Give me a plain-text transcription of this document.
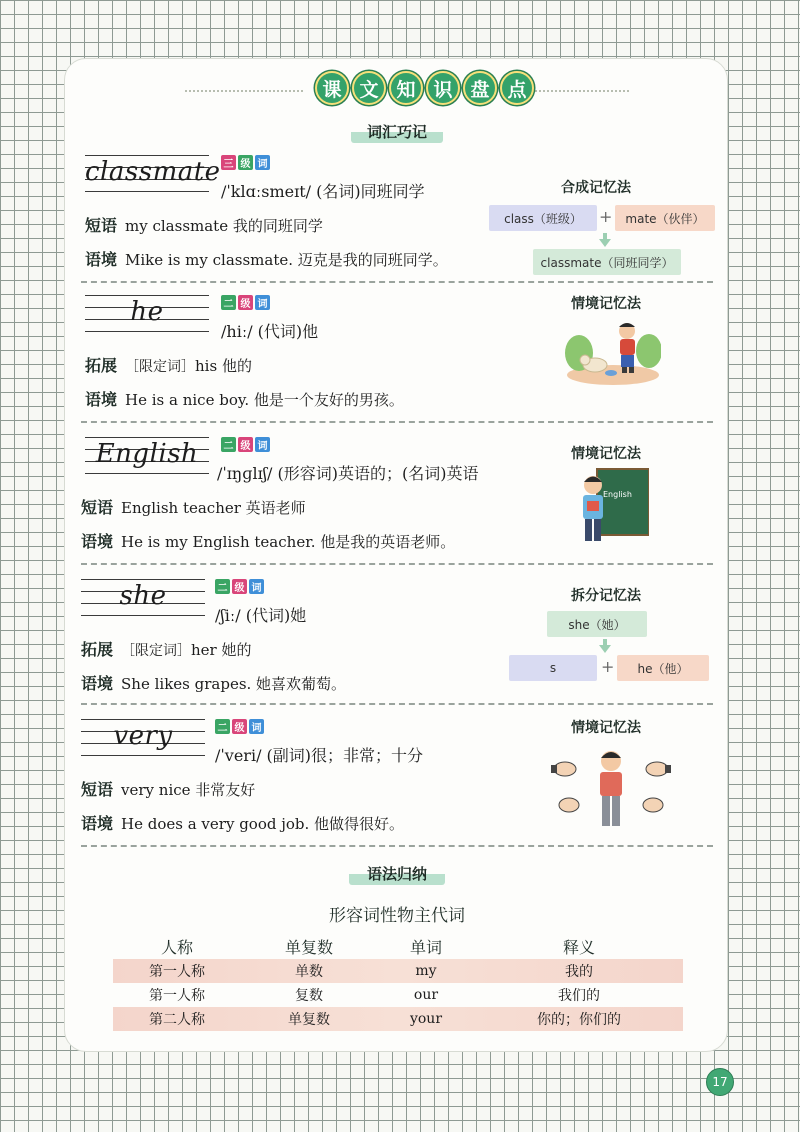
课 文 知 识 盘 点
词汇巧记
classmate 三 级 词
/ˈklɑːsmeɪt/ (名词)同班同学
短语 my classmate 我的同班同学
语境 Mike is my classmate. 迈克是我的同班同学。
合成记忆法
class（班级）	+	mate（伙伴）
classmate（同班同学）
he	二 级 词
/hiː/ (代词)他
拓展 ［限定词］his 他的
语境 He is a nice boy. 他是一个友好的男孩。
情境记忆法
English	二 级 词
/ˈɪŋɡlɪʃ/ (形容词)英语的；(名词)英语
短语 English teacher 英语老师
语境 He is my English teacher. 他是我的英语老师。
情境记忆法
English
she	二 级 词
/ʃiː/ (代词)她
拓展 ［限定词］her 她的
语境 She likes grapes. 她喜欢葡萄。
拆分记忆法
she（她）
s	+	he（他）
very	二 级 词
/ˈveri/ (副词)很；非常；十分
短语 very nice 非常友好
语境 He does a very good job. 他做得很好。
情境记忆法
语法归纳
形容词性物主代词
人称	单复数	单词	释义
第一人称	单数	my	我的
第一人称	复数	our	我们的
第二人称	单复数	your	你的；你们的
17
